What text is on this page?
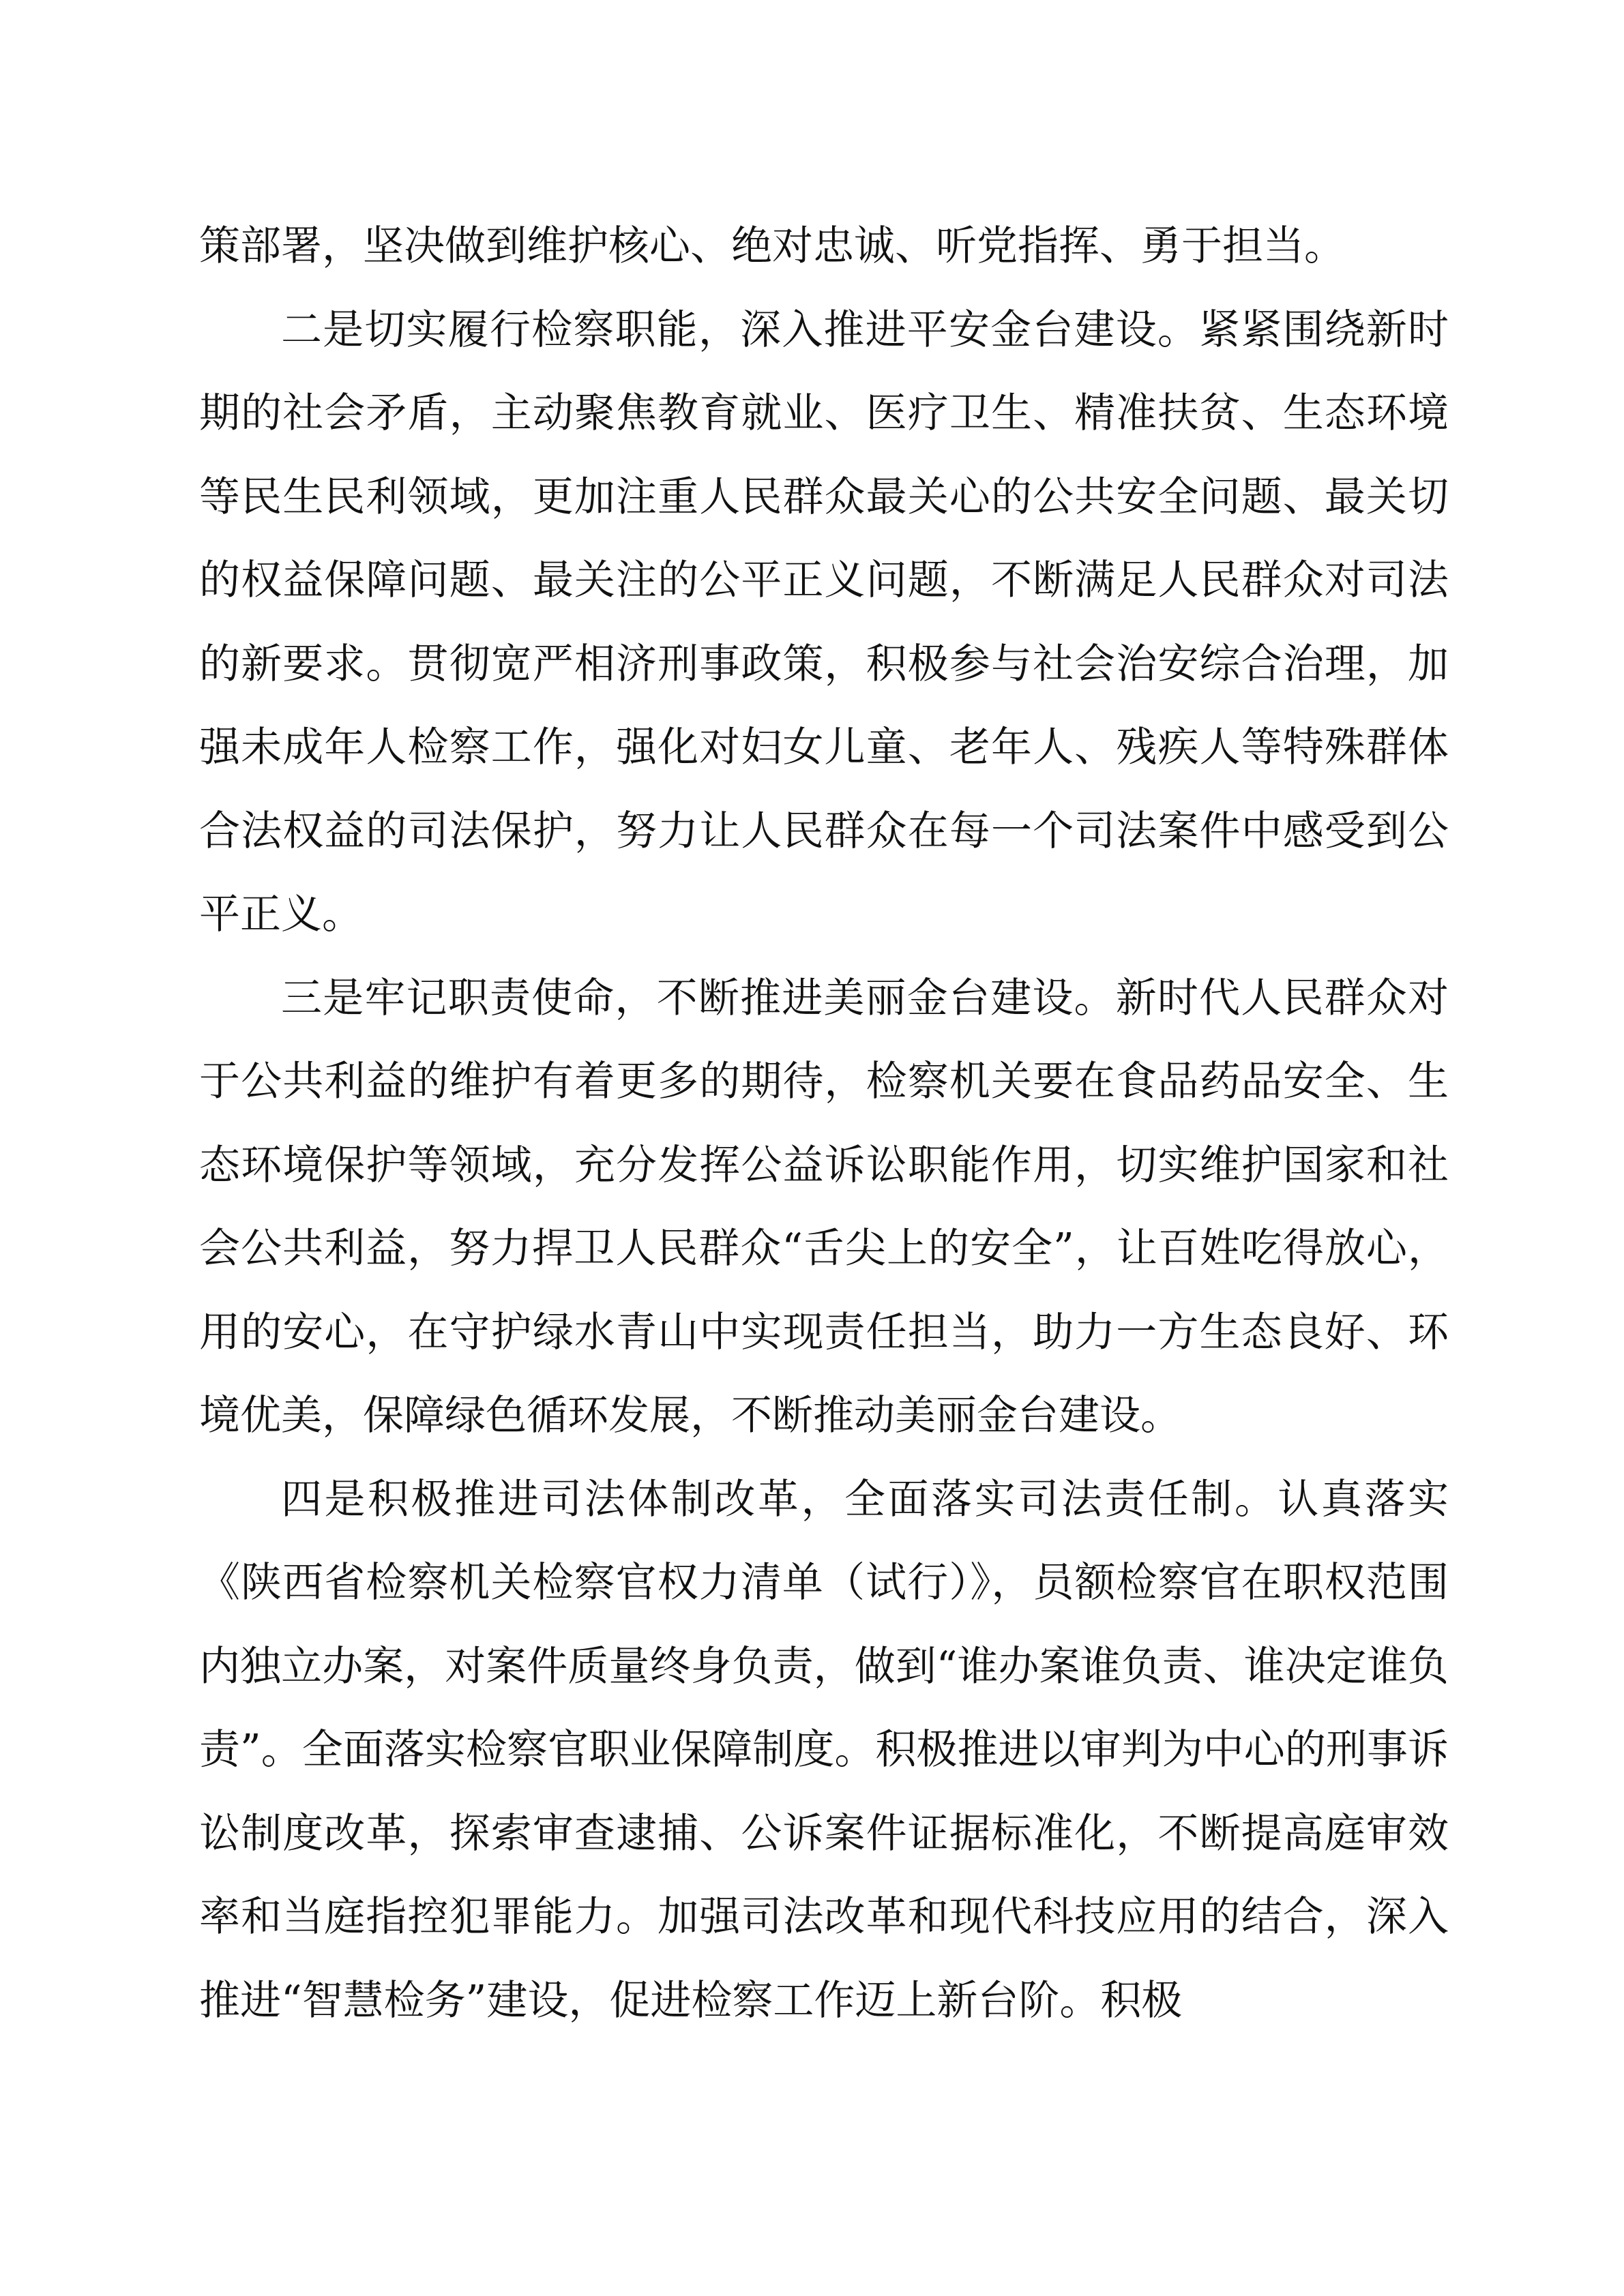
策部署，坚决做到维护核心、绝对忠诚、听党指挥、勇于担当。

二是切实履行检察职能，深入推进平安金台建设。紧紧围绕新时期的社会矛盾，主动聚焦教育就业、医疗卫生、精准扶贫、生态环境等民生民利领域，更加注重人民群众最关心的公共安全问题、最关切的权益保障问题、最关注的公平正义问题，不断满足人民群众对司法的新要求。贯彻宽严相济刑事政策，积极参与社会治安综合治理，加强未成年人检察工作，强化对妇女儿童、老年人、残疾人等特殊群体合法权益的司法保护，努力让人民群众在每一个司法案件中感受到公平正义。

三是牢记职责使命，不断推进美丽金台建设。新时代人民群众对于公共利益的维护有着更多的期待，检察机关要在食品药品安全、生态环境保护等领域，充分发挥公益诉讼职能作用，切实维护国家和社会公共利益，努力捍卫人民群众“舌尖上的安全”，让百姓吃得放心，用的安心，在守护绿水青山中实现责任担当，助力一方生态良好、环境优美，保障绿色循环发展，不断推动美丽金台建设。

四是积极推进司法体制改革，全面落实司法责任制。认真落实《陕西省检察机关检察官权力清单（试行）》，员额检察官在职权范围内独立办案，对案件质量终身负责，做到“谁办案谁负责、谁决定谁负责”。全面落实检察官职业保障制度。积极推进以审判为中心的刑事诉讼制度改革，探索审查逮捕、公诉案件证据标准化，不断提高庭审效率和当庭指控犯罪能力。加强司法改革和现代科技应用的结合，深入推进“智慧检务”建设，促进检察工作迈上新台阶。积极
